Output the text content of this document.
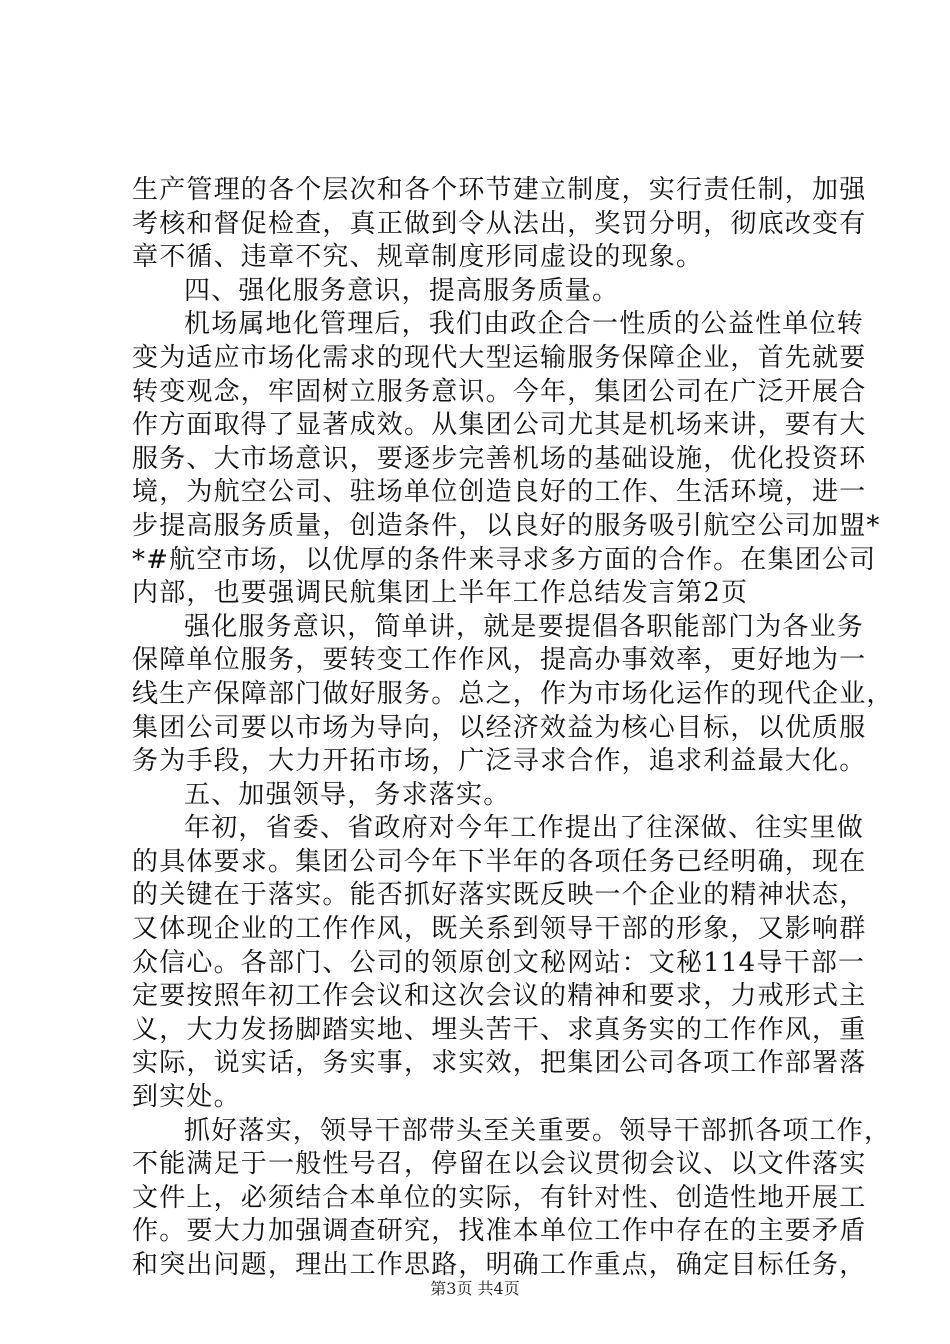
生产管理的各个层次和各个环节建立制度，实行责任制，加强
考核和督促检查，真正做到令从法出，奖罚分明，彻底改变有
章不循、违章不究、规章制度形同虚设的现象。
四、强化服务意识，提高服务质量。
机场属地化管理后，我们由政企合一性质的公益性单位转
变为适应市场化需求的现代大型运输服务保障企业，首先就要
转变观念，牢固树立服务意识。今年，集团公司在广泛开展合
作方面取得了显著成效。从集团公司尤其是机场来讲，要有大
服务、大市场意识，要逐步完善机场的基础设施，优化投资环
境，为航空公司、驻场单位创造良好的工作、生活环境，进一
步提高服务质量，创造条件，以良好的服务吸引航空公司加盟*
*#航空市场，以优厚的条件来寻求多方面的合作。在集团公司
内部，也要强调民航集团上半年工作总结发言第2页
强化服务意识，简单讲，就是要提倡各职能部门为各业务
保障单位服务，要转变工作作风，提高办事效率，更好地为一
线生产保障部门做好服务。总之，作为市场化运作的现代企业，
集团公司要以市场为导向，以经济效益为核心目标，以优质服
务为手段，大力开拓市场，广泛寻求合作，追求利益最大化。
五、加强领导，务求落实。
年初，省委、省政府对今年工作提出了往深做、往实里做
的具体要求。集团公司今年下半年的各项任务已经明确，现在
的关键在于落实。能否抓好落实既反映一个企业的精神状态，
又体现企业的工作作风，既关系到领导干部的形象，又影响群
众信心。各部门、公司的领原创文秘网站：文秘114导干部一
定要按照年初工作会议和这次会议的精神和要求，力戒形式主
义，大力发扬脚踏实地、埋头苦干、求真务实的工作作风，重
实际，说实话，务实事，求实效，把集团公司各项工作部署落
到实处。
抓好落实，领导干部带头至关重要。领导干部抓各项工作，
不能满足于一般性号召，停留在以会议贯彻会议、以文件落实
文件上，必须结合本单位的实际，有针对性、创造性地开展工
作。要大力加强调查研究，找准本单位工作中存在的主要矛盾
和突出问题，理出工作思路，明确工作重点，确定目标任务，
第3页 共4页
